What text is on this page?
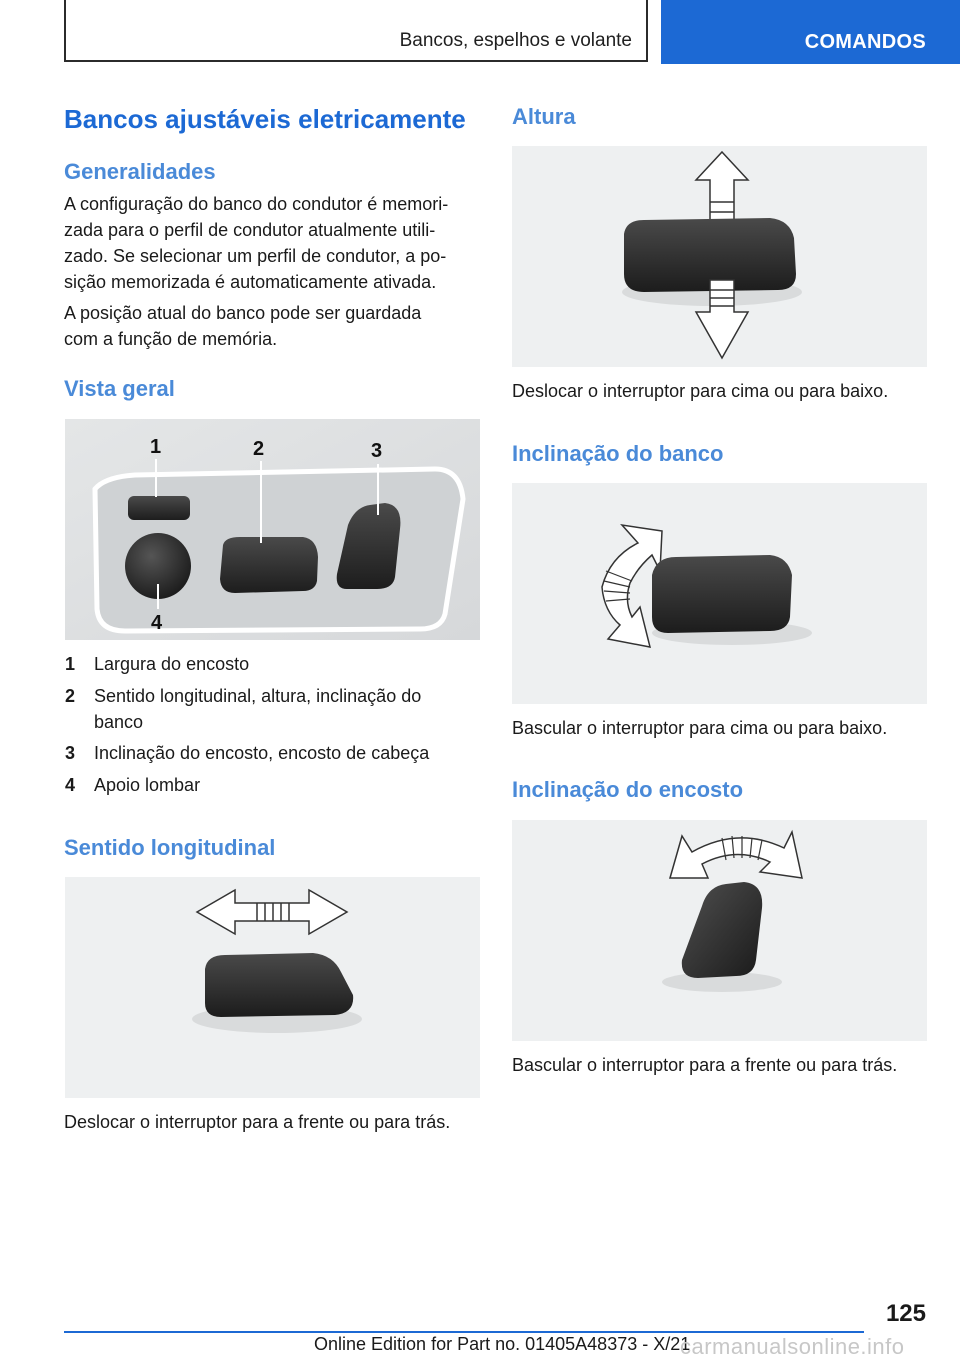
Bancos, espelhos e volante	COMANDOS
Bancos ajustáveis eletricamente
Generalidades
A configuração do banco do condutor é memori-
zada para o perfil de condutor atualmente utili-
zado. Se selecionar um perfil de condutor, a po-
sição memorizada é automaticamente ativada.
A posição atual do banco pode ser guardada
com a função de memória.
Vista geral
1	2	3
4
1 Largura do encosto
2 Sentido longitudinal, altura, inclinação do
banco
3 Inclinação do encosto, encosto de cabeça
4 Apoio lombar
Sentido longitudinal
Deslocar o interruptor para a frente ou para trás.
Altura
Deslocar o interruptor para cima ou para baixo.
Inclinação do banco
Bascular o interruptor para cima ou para baixo.
Inclinação do encosto
Bascular o interruptor para a frente ou para trás.
125
Online Edition for Part no. 01405A48373 - X/21
carmanualsonline.info
